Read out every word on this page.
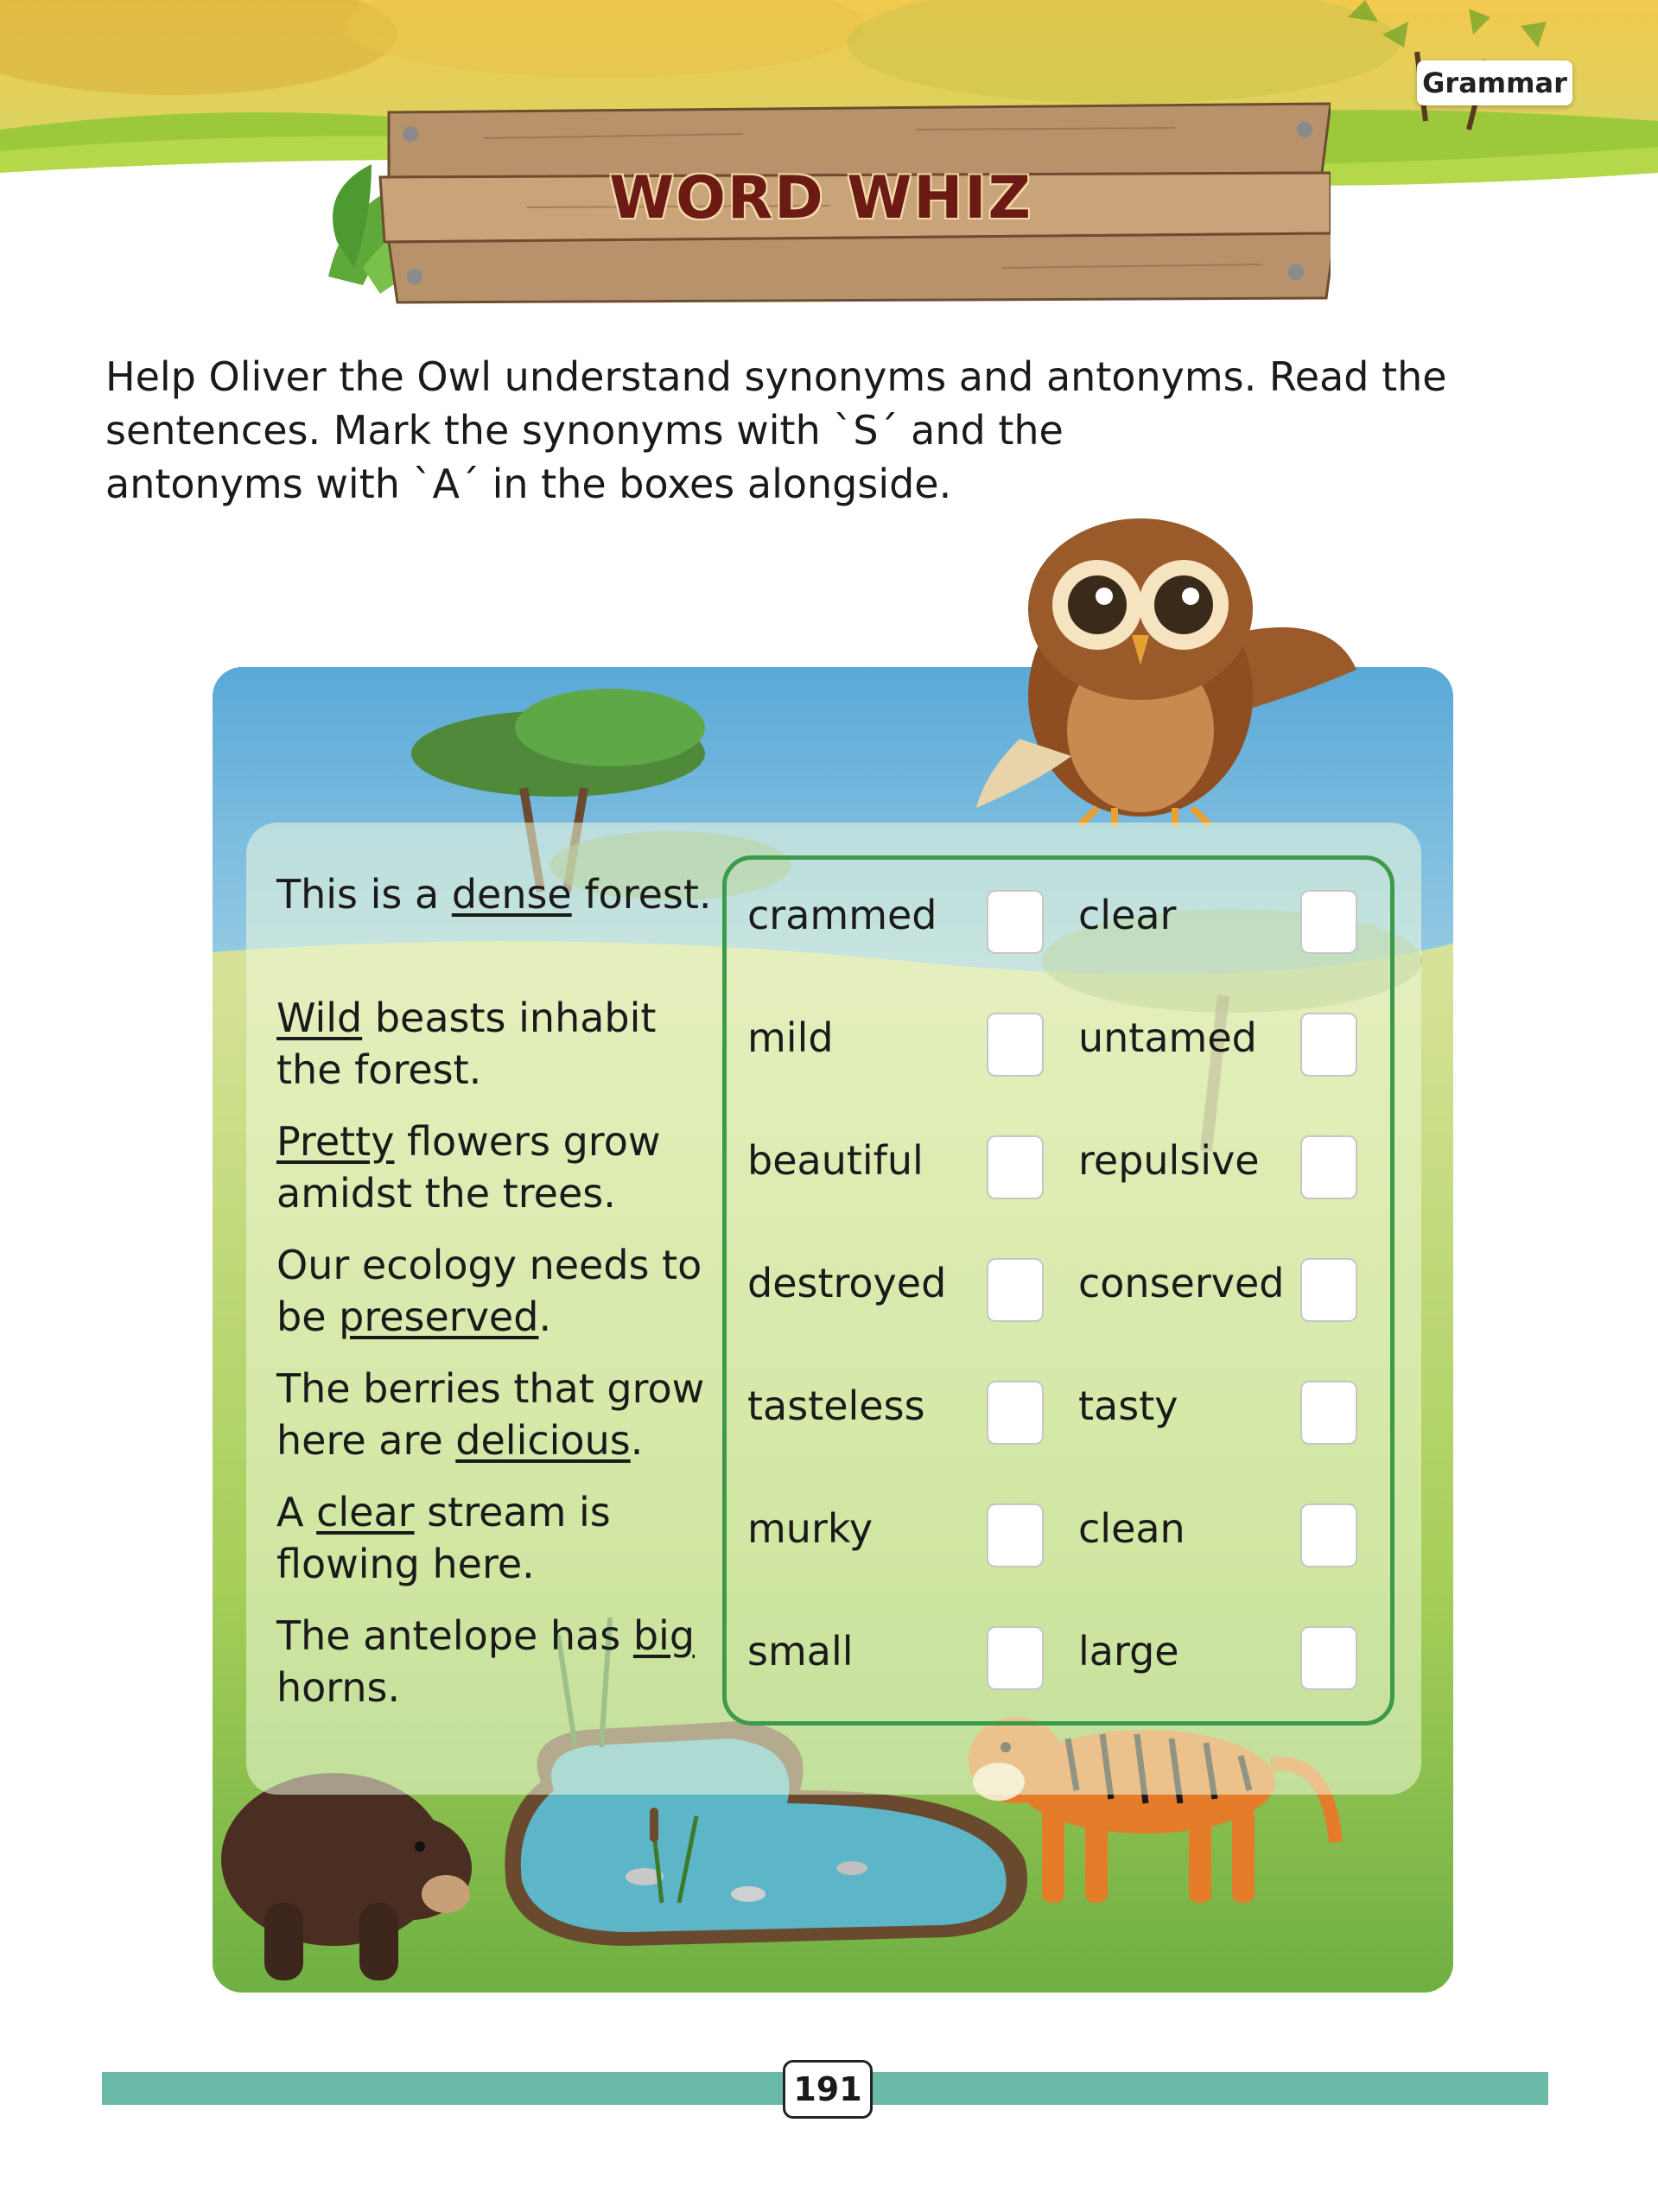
Grammar
WORD WHIZ
Help Oliver the Owl understand synonyms and antonyms. Read the
sentences. Mark the synonyms with `S´ and the
antonyms with `A´ in the boxes alongside.
This is a dense forest.
Wild beasts inhabit the forest.
Pretty flowers grow amidst the trees.
Our ecology needs to be preserved.
The berries that grow here are delicious.
A clear stream is flowing here.
The antelope has big horns.
crammed	clear
mild	untamed
beautiful	repulsive
destroyed	conserved
tasteless	tasty
murky	clean
small	large
191
